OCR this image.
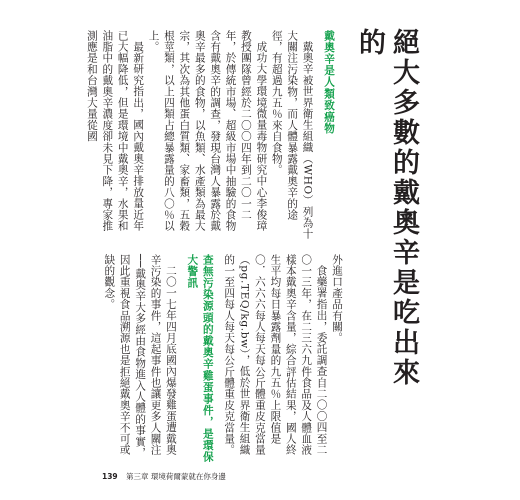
絕大多數的戴奧辛是吃出來的

外進口產品有關。

食藥署指出，委託調查自二〇〇四至二〇一三年，在二三六九件食品及人體血液樣本戴奧辛含量，綜合評估結果，國人終生平均每日暴露劑量的九五％上限值是〇．六六六每人每天每公斤體重皮克當量（pg.TEQ/kg.bw），低於世界衛生組織的一至四每人每天每公斤體重皮克當量。

查無污染源頭的戴奧辛雞蛋事件，是環保大警訊

二〇一七年四月底國內爆發雞蛋遭戴奧辛污染的事件，這起事件也讓更多人關注──戴奧辛大多經由食物進入人體的事實，因此重視食品溯源也是拒絕戴奧辛不可或缺的觀念。

戴奧辛是人類致癌物

戴奧辛被世界衛生組織（WHO）列為十大關注污染物，而人體暴露戴奧辛的途徑，有超過九五％來自食物。

成功大學環境微量毒物研究中心李俊璋教授團隊曾經於二〇〇四年到二〇一二年，於傳統市場、超級市場中抽驗的食物含有戴奧辛的調查，發現台灣人暴露於戴奧辛最多的食物，以魚類、水產類為最大宗，其次為其他蛋白質類、家畜類，五穀根莖類，以上四類占總暴露量的八〇％以上。

最新研究指出，國內戴奧辛排放量近年已大幅降低，但是環境中戴奧辛，水果和油脂中的戴奧辛濃度卻未見下降，專家推測應是和台灣大量從國

139 第三章 環境荷爾蒙就在你身邊
